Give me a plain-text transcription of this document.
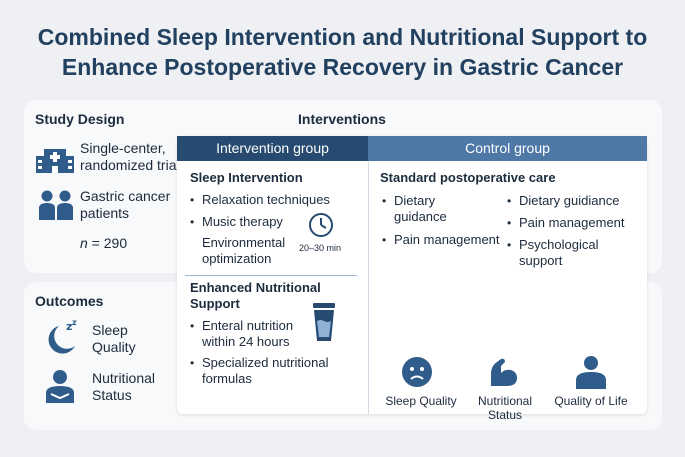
Combined Sleep Intervention and Nutritional Support to
Enhance Postoperative Recovery in Gastric Cancer
Study Design
Single-center,
randomized tria
Gastric cancer
patients
n = 290
Outcomes
z z
z Sleep
Quality
Nutritional
Status
Interventions
Intervention group	Control group
Sleep Intervention
• Relaxation techniques
• Music therapy
Environmental
optimization
20–30 min
Enhanced Nutritional
Support
• Enteral nutrition
within 24 hours
• Specialized nutritional
formulas
Standard postoperative care
• Dietary
guidance
• Pain management
• Dietary guidiance
• Pain management
• Psychological
support
Sleep Quality	Nutritional
Status
Quality of Life
